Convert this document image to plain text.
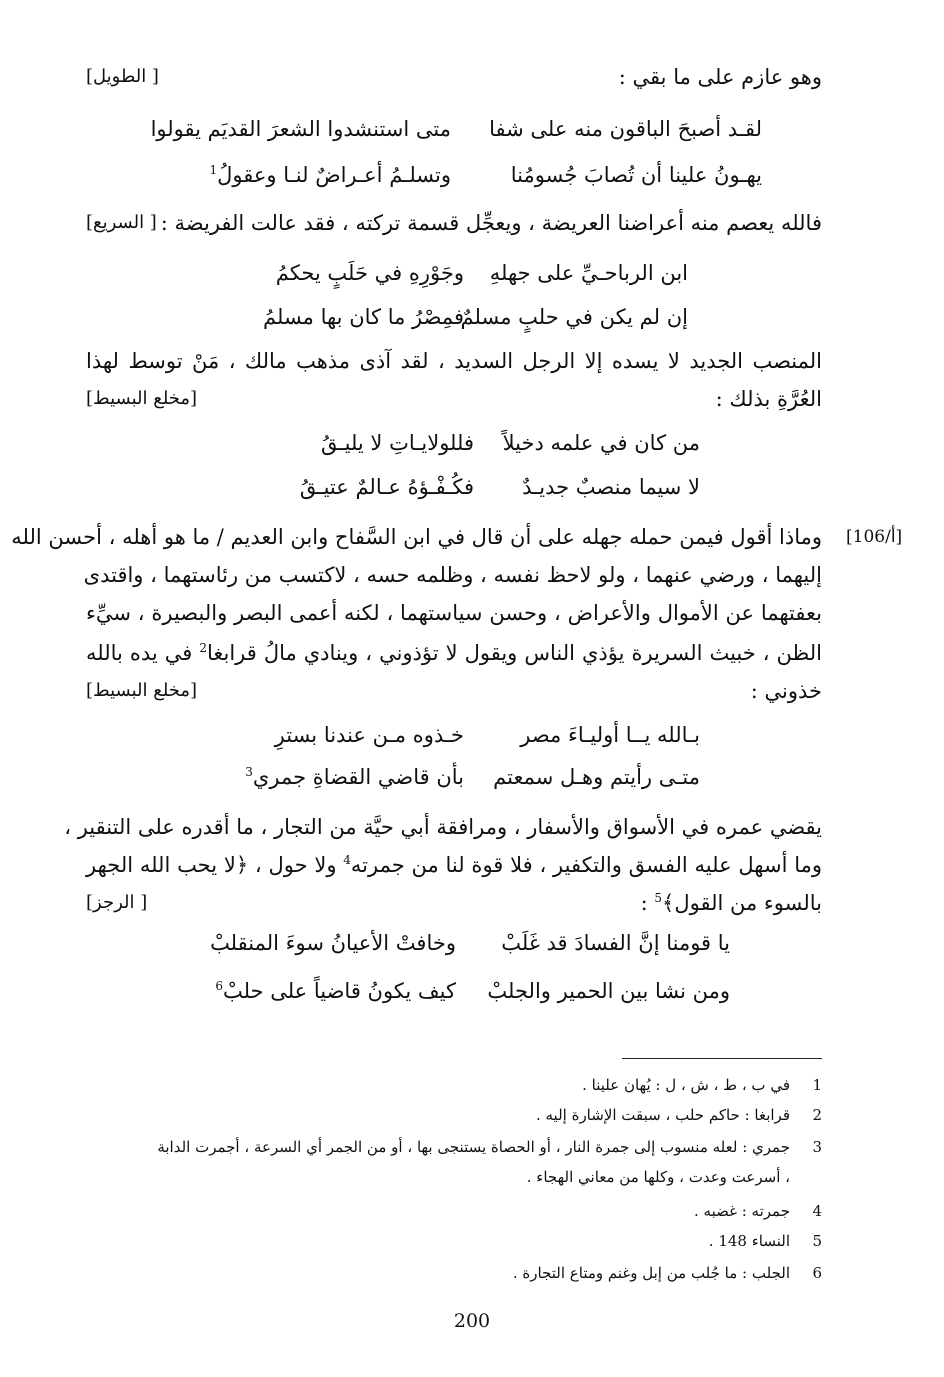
وهو عازم على ما بقي :
[ الطويل]
لقـد أصبحَ الباقون منه على شفا
متى استنشدوا الشعرَ القديَم يقولوا
يهـونُ علينا أن تُصابَ جُسومُنا
وتسلـمُ أعـراضٌ لنـا وعقولُ$^1$
فالله يعصم منه أعراضنا العريضة ، ويعجِّل قسمة تركته ، فقد عالت الفريضة :
[ السريع]
ابن الرباحـيِّ على جهلهِ
وجَوْرِهِ في حَلَبٍ يحكمُ
إن لم يكن في حلبٍ مسلمٌ
فمِصْرُ ما كان بها مسلمُ
المنصب الجديد لا يسده إلا الرجل السديد ، لقد آذى مذهب مالك ، مَنْ توسط لهذا
العُرَّةِ بذلك :
[مخلع البسيط]
من كان في علمه دخيلاً
فللولايـاتِ لا يليـقُ
لا سيما منصبٌ جديـدٌ
فكُـفْـؤهُ عـالمٌ عتيـقُ
[106/أ]
وماذا أقول فيمن حمله جهله على أن قال في ابن السَّفاح وابن العديم / ما هو أهله ، أحسن الله
إليهما ، ورضي عنهما ، ولو لاحظ نفسه ، وظلمه حسه ، لاكتسب من رئاستهما ، واقتدى
بعفتهما عن الأموال والأعراض ، وحسن سياستهما ، لكنه أعمى البصر والبصيرة ، سيِّء
الظن ، خبيث السريرة يؤذي الناس ويقول لا تؤذوني ، وينادي مالُ قرابغا$^2$ في يده بالله
خذوني :
[مخلع البسيط]
بـالله يــا أوليـاءَ مصر
خـذوه مـن عندنا بسترِ
متـى رأيتم وهـل سمعتم
بأن قاضي القضاةِ جمري$^3$
يقضي عمره في الأسواق والأسفار ، ومرافقة أبي حيَّة من التجار ، ما أقدره على التنقير ،
وما أسهل عليه الفسق والتكفير ، فلا قوة لنا من جمرته$^4$ ولا حول ، ﴿لا يحب الله الجهر
بالسوء من القول﴾$^5$ :
[ الرجز]
يا قومنا إنَّ الفسادَ قد غَلَبْ
وخافتْ الأعيانُ سوءَ المنقلبْ
ومن نشا بين الحمير والجلبْ
كيف يكونُ قاضياً على حلبْ$^6$
1في ب ، ط ، ش ، ل : يُهان علينا .
2قرابغا : حاكم حلب ، سبقت الإشارة إليه .
3جمري : لعله منسوب إلى جمرة النار ، أو الحصاة يستنجى بها ، أو من الجمر أي السرعة ، أجمرت الدابة
، أسرعت وعدت ، وكلها من معاني الهجاء .
4جمرته : غضبه .
5النساء 148 .
6الجلب : ما جُلب من إبل وغنم ومتاع التجارة .
200
